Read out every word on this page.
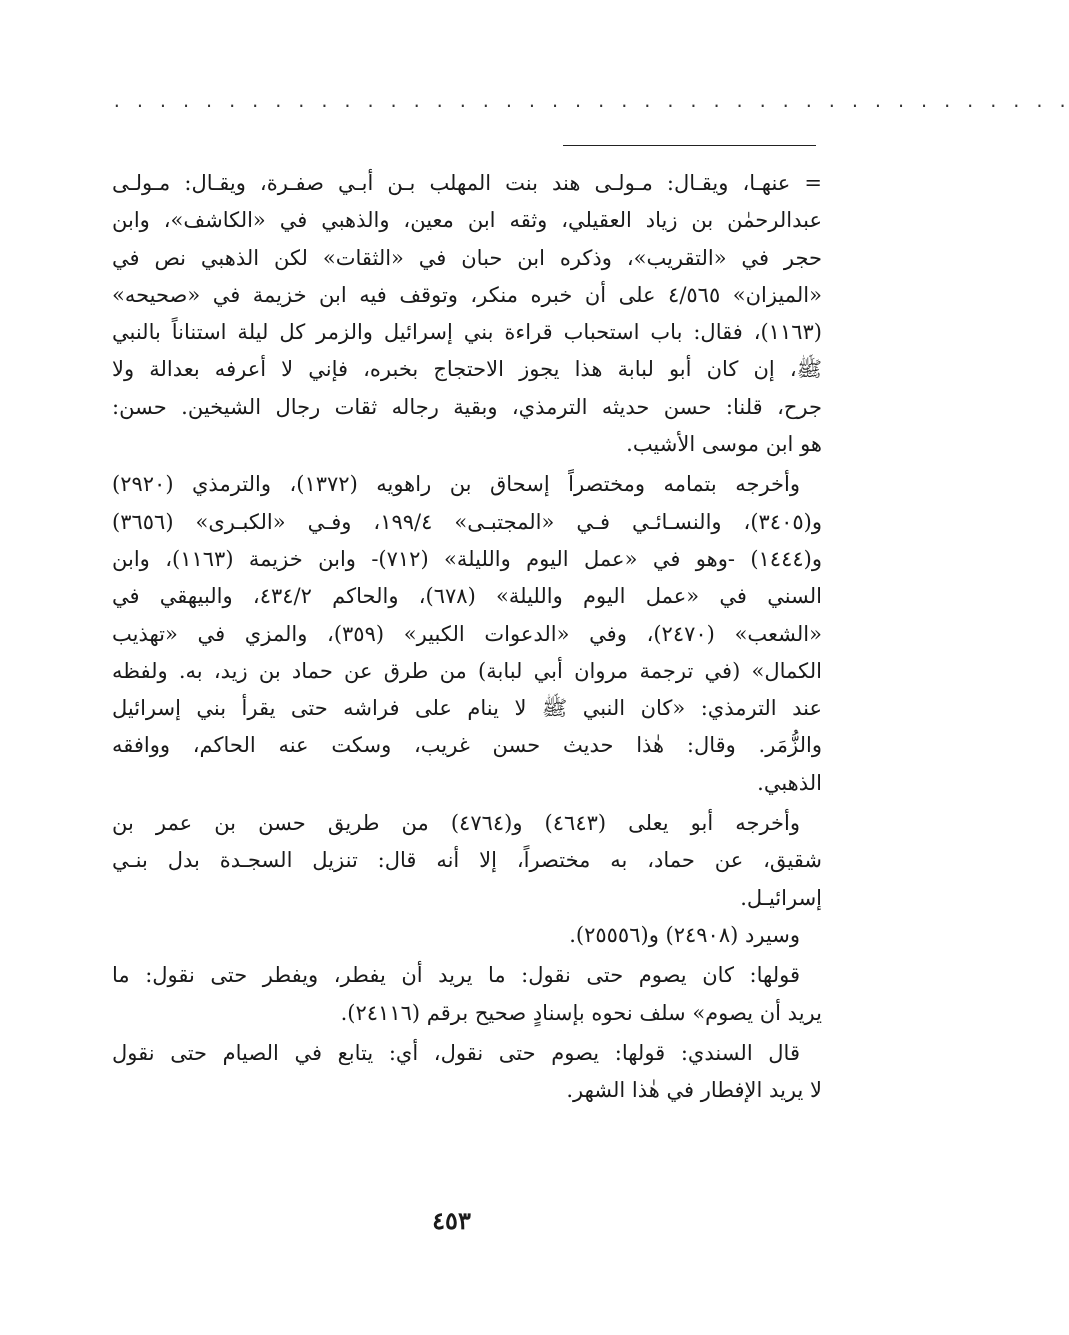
. . . . . . . . . . . . . . . . . . . . . . . . . . . . . . . . . . . . . . . . . .
= عنهـا، ويقـال: مـولـى هند بنت المهلب بـن أبـي صفـرة، ويقـال: مـولـى
عبدالرحمٰن بن زياد العقيلي، وثقه ابن معين، والذهبي في «الكاشف»، وابن
حجر في «التقريب»، وذكره ابن حبان في «الثقات» لكن الذهبي نص في
«الميزان» ٤/٥٦٥ على أن خبره منكر، وتوقف فيه ابن خزيمة في «صحيحه»
(١١٦٣)، فقال: باب استحباب قراءة بني إسرائيل والزمر كل ليلة استناناً بالنبي
ﷺ، إن كان أبو لبابة هذا يجوز الاحتجاج بخبره، فإني لا أعرفه بعدالة ولا
جرح، قلنا: حسن حديثه الترمذي، وبقية رجاله ثقات رجال الشيخين. حسن:
هو ابن موسى الأشيب.
وأخرجه بتمامه ومختصراً إسحاق بن راهويه (١٣٧٢)، والترمذي (٢٩٢٠)
و(٣٤٠٥)، والنسـائـي فـي «المجتبـى» ١٩٩/٤، وفـي «الكبـرى» (٣٦٥٦)
و(١٤٤٤) -وهو في «عمل اليوم والليلة» (٧١٢)- وابن خزيمة (١١٦٣)، وابن
السني في «عمل اليوم والليلة» (٦٧٨)، والحاكم ٤٣٤/٢، والبيهقي في
«الشعب» (٢٤٧٠)، وفي «الدعوات الكبير» (٣٥٩)، والمزي في «تهذيب
الكمال» (في ترجمة مروان أبي لبابة) من طرق عن حماد بن زيد، به. ولفظه
عند الترمذي: «كان النبي ﷺ لا ينام على فراشه حتى يقرأ بني إسرائيل
والزُّمَر. وقال: هٰذا حديث حسن غريب، وسكت عنه الحاكم، ووافقه
الذهبي.
وأخرجه أبو يعلى (٤٦٤٣) و(٤٧٦٤) من طريق حسن بن عمر بن
شقيق، عن حماد، به مختصراً، إلا أنه قال: تنزيل السجـدة بدل بنـي
إسرائيـل.
وسيرد (٢٤٩٠٨) و(٢٥٥٥٦).
قولها: كان يصوم حتى نقول: ما يريد أن يفطر، ويفطر حتى نقول: ما
يريد أن يصوم» سلف نحوه بإسنادٍ صحيح برقم (٢٤١١٦).
قال السندي: قولها: يصوم حتى نقول، أي: يتابع في الصيام حتى نقول
لا يريد الإفطار في هٰذا الشهر.
٤٥٣
